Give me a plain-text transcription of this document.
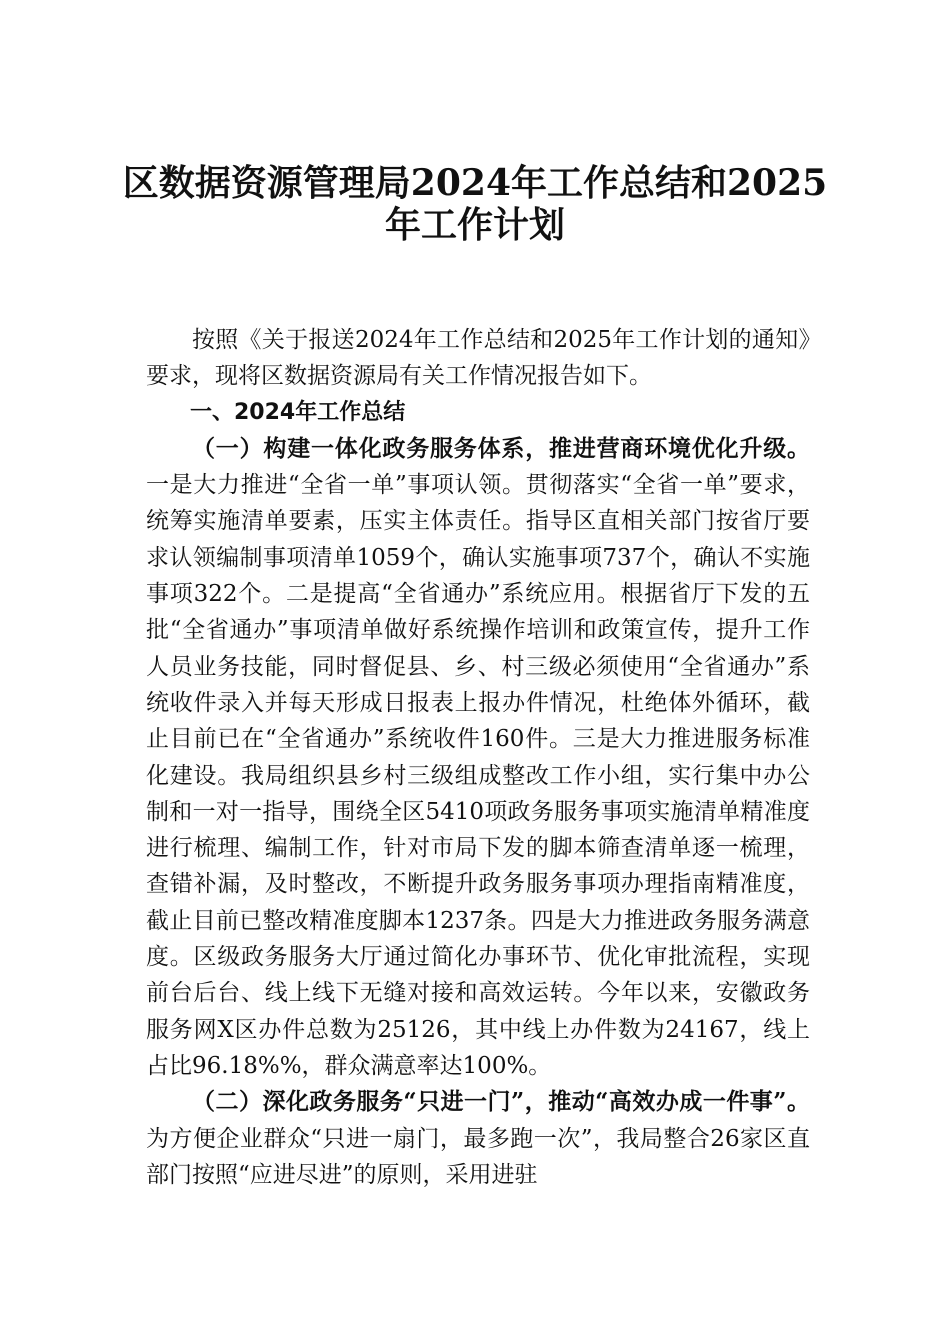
区数据资源管理局2024年工作总结和2025
年工作计划

按照《关于报送2024年工作总结和2025年工作计划的通知》要求，现将区数据资源局有关工作情况报告如下。

一、2024年工作总结

（一）构建一体化政务服务体系，推进营商环境优化升级。一是大力推进“全省一单”事项认领。贯彻落实“全省一单”要求，统筹实施清单要素，压实主体责任。指导区直相关部门按省厅要求认领编制事项清单1059个，确认实施事项737个，确认不实施事项322个。二是提高“全省通办”系统应用。根据省厅下发的五批“全省通办”事项清单做好系统操作培训和政策宣传，提升工作人员业务技能，同时督促县、乡、村三级必须使用“全省通办”系统收件录入并每天形成日报表上报办件情况，杜绝体外循环，截止目前已在“全省通办”系统收件160件。三是大力推进服务标准化建设。我局组织县乡村三级组成整改工作小组，实行集中办公制和一对一指导，围绕全区5410项政务服务事项实施清单精准度进行梳理、编制工作，针对市局下发的脚本筛查清单逐一梳理，查错补漏，及时整改，不断提升政务服务事项办理指南精准度，截止目前已整改精准度脚本1237条。四是大力推进政务服务满意度。区级政务服务大厅通过简化办事环节、优化审批流程，实现前台后台、线上线下无缝对接和高效运转。今年以来，安徽政务服务网X区办件总数为25126，其中线上办件数为24167，线上占比96.18%%，群众满意率达100%。

（二）深化政务服务“只进一门”，推动“高效办成一件事”。为方便企业群众“只进一扇门，最多跑一次”，我局整合26家区直部门按照“应进尽进”的原则，采用进驻
